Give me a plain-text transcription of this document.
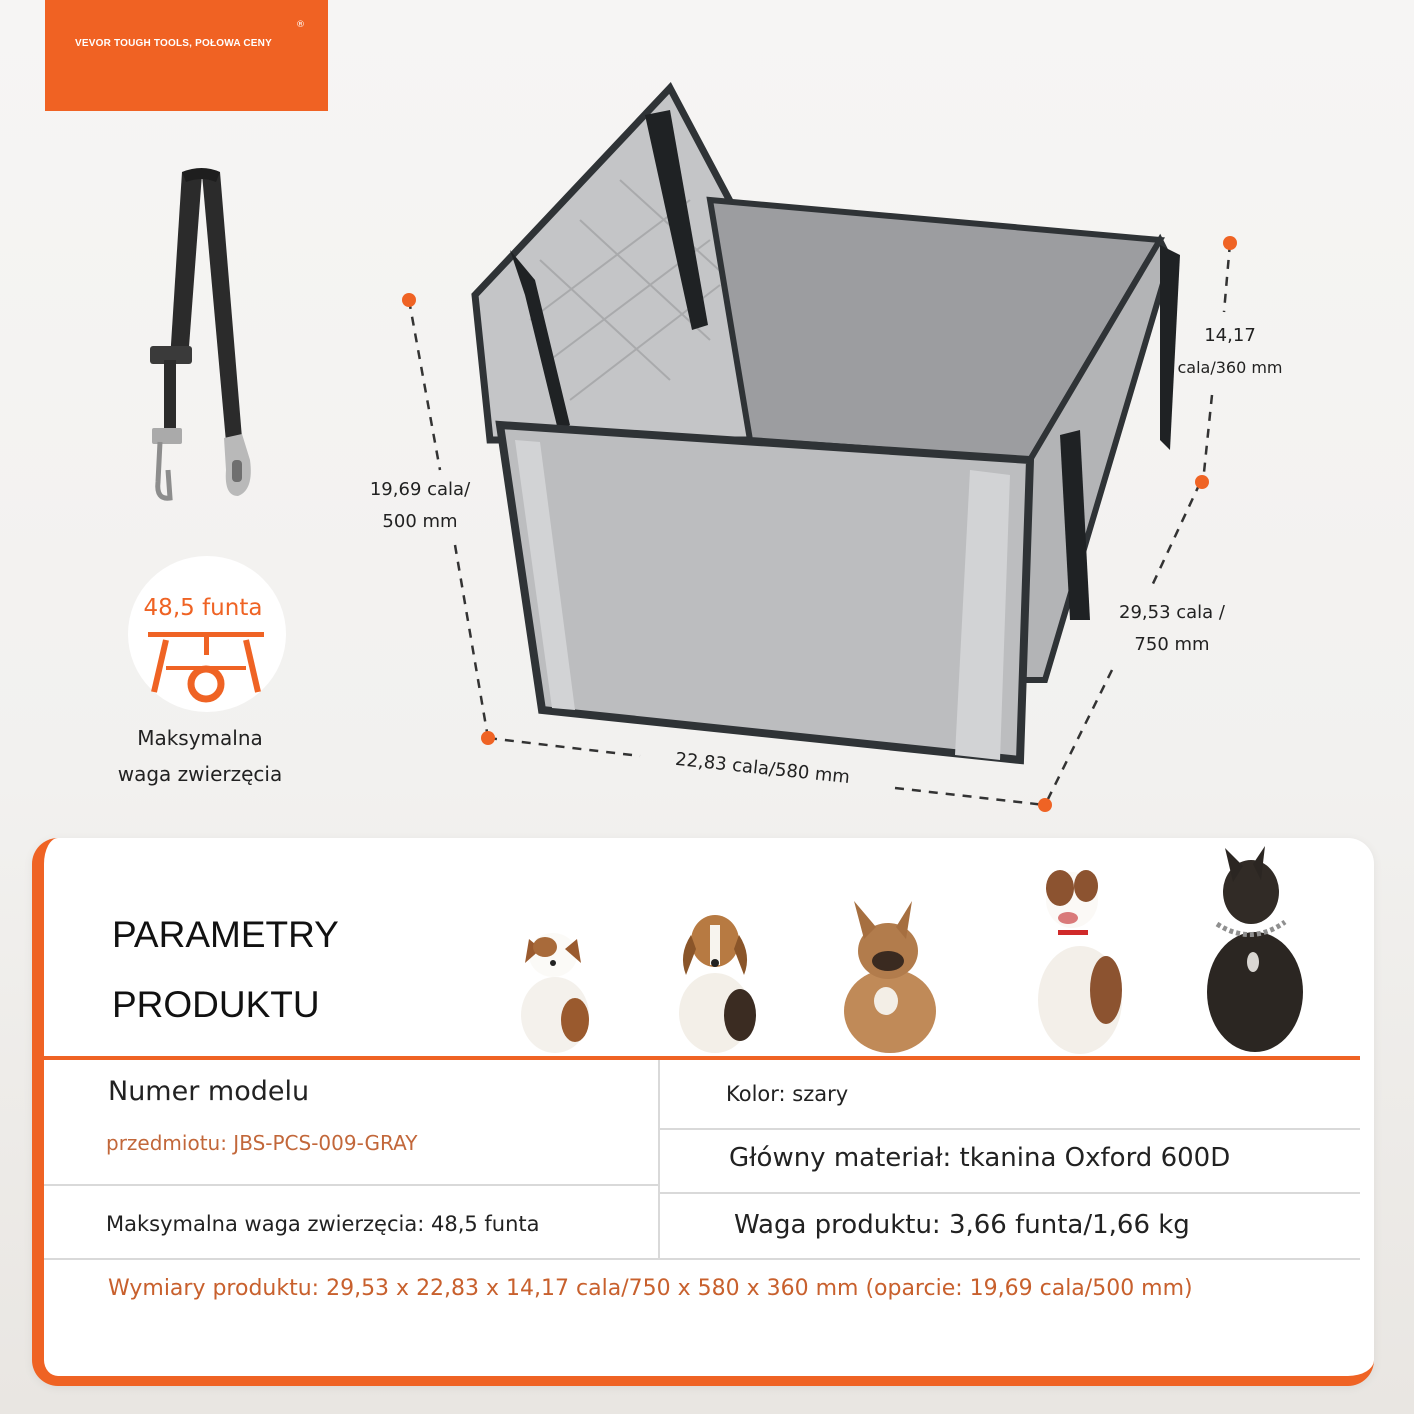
VEVOR TOUGH TOOLS, POŁOWA CENY
®
19,69 cala/
500 mm
14,17
cala/360 mm
29,53 cala /
750 mm
22,83 cala/580 mm
48,5 funta
Maksymalna
waga zwierzęcia
PARAMETRY
PRODUKTU
Numer modelu
przedmiotu: JBS-PCS-009-GRAY
Kolor: szary
Główny materiał: tkanina Oxford 600D
Maksymalna waga zwierzęcia: 48,5 funta	Waga produktu: 3,66 funta/1,66 kg
Wymiary produktu: 29,53 x 22,83 x 14,17 cala/750 x 580 x 360 mm (oparcie: 19,69 cala/500 mm)
